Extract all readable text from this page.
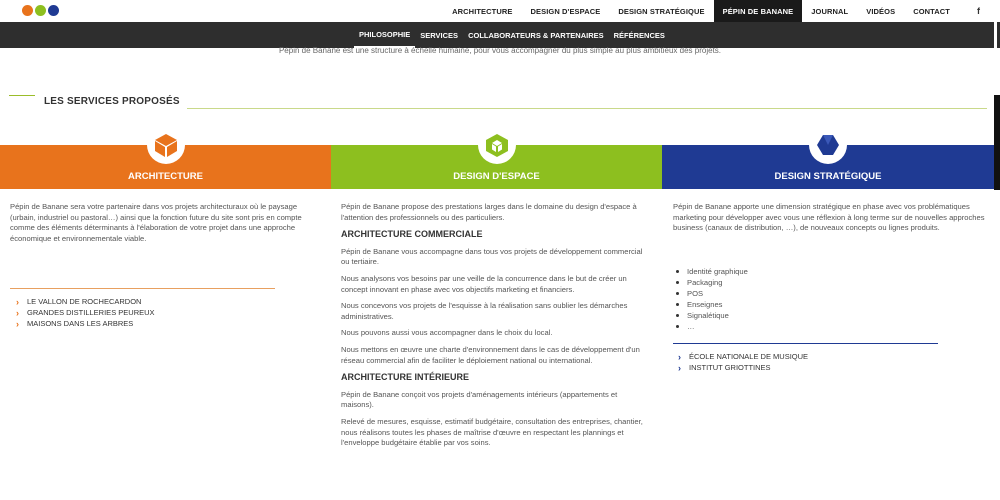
ARCHITECTURE	DESIGN D'ESPACE	DESIGN STRATÉGIQUE	PÉPIN DE BANANE	JOURNAL	VIDÉOS	CONTACT	f
PHILOSOPHIE	SERVICES	COLLABORATEURS & PARTENAIRES	RÉFÉRENCES
Pépin de Banane est une structure à échelle humaine, pour vous accompagner du plus simple au plus ambitieux des projets.
LES SERVICES PROPOSÉS
ARCHITECTURE	DESIGN D'ESPACE	DESIGN STRATÉGIQUE

Pépin de Banane sera votre partenaire dans vos projets architecturaux où le paysage (urbain, industriel ou pastoral…) ainsi que la fonction future du site sont pris en compte comme des éléments déterminants à l'élaboration de votre projet dans une approche économique et environnementale viable.

›	LE VALLON DE ROCHECARDON
›	GRANDES DISTILLERIES PEUREUX
›	MAISONS DANS LES ARBRES

Pépin de Banane propose des prestations larges dans le domaine du design d'espace à l'attention des professionnels ou des particuliers.

ARCHITECTURE COMMERCIALE

Pépin de Banane vous accompagne dans tous vos projets de développement commercial ou tertiaire.

Nous analysons vos besoins par une veille de la concurrence dans le but de créer un concept innovant en phase avec vos objectifs marketing et financiers.

Nous concevons vos projets de l'esquisse à la réalisation sans oublier les démarches administratives.

Nous pouvons aussi vous accompagner dans le choix du local.

Nous mettons en œuvre une charte d'environnement dans le cas de développement d'un réseau commercial afin de faciliter le déploiement national ou international.

ARCHITECTURE INTÉRIEURE

Pépin de Banane conçoit vos projets d'aménagements intérieurs (appartements et maisons).

Relevé de mesures, esquisse, estimatif budgétaire, consultation des entreprises, chantier, nous réalisons toutes les phases de maîtrise d'œuvre en respectant les plannings et l'enveloppe budgétaire établie par vos soins.

Pépin de Banane apporte une dimension stratégique en phase avec vos problématiques marketing pour développer avec vous une réflexion à long terme sur de nouvelles approches business (canaux de distribution, …), de nouveaux concepts ou lignes produits.

Identité graphique
Packaging
POS
Enseignes
Signalétique
…
›	ÉCOLE NATIONALE DE MUSIQUE
›	INSTITUT GRIOTTINES
